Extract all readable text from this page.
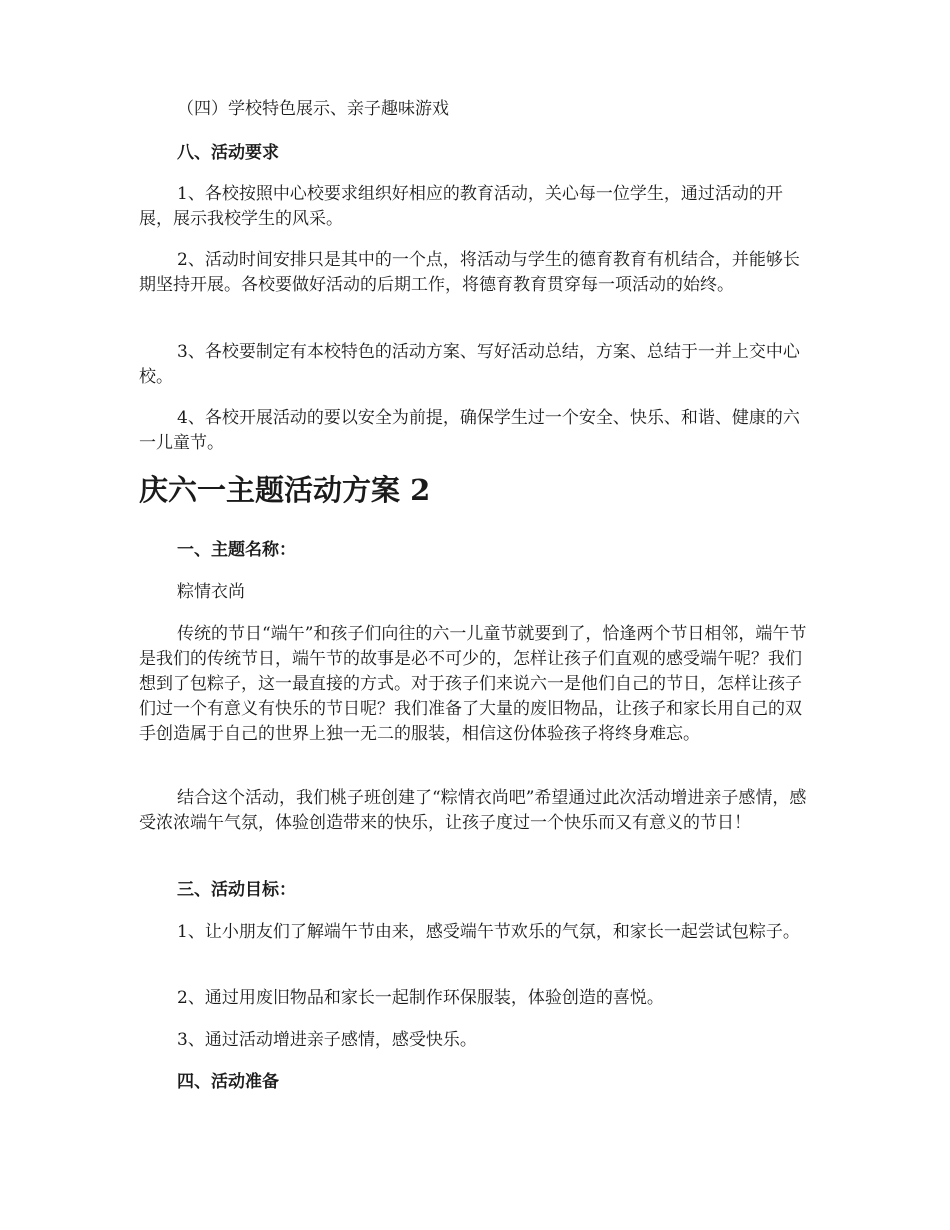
（四）学校特色展示、亲子趣味游戏

八、活动要求

1、各校按照中心校要求组织好相应的教育活动，关心每一位学生，通过活动的开展，展示我校学生的风采。

2、活动时间安排只是其中的一个点，将活动与学生的德育教育有机结合，并能够长期坚持开展。各校要做好活动的后期工作，将德育教育贯穿每一项活动的始终。

3、各校要制定有本校特色的活动方案、写好活动总结，方案、总结于一并上交中心校。

4、各校开展活动的要以安全为前提，确保学生过一个安全、快乐、和谐、健康的六一儿童节。

庆六一主题活动方案 2

一、主题名称：

粽情衣尚

传统的节日“端午”和孩子们向往的六一儿童节就要到了，恰逢两个节日相邻，端午节是我们的传统节日，端午节的故事是必不可少的，怎样让孩子们直观的感受端午呢？我们想到了包粽子，这一最直接的方式。对于孩子们来说六一是他们自己的节日，怎样让孩子们过一个有意义有快乐的节日呢？我们准备了大量的废旧物品，让孩子和家长用自己的双手创造属于自己的世界上独一无二的服装，相信这份体验孩子将终身难忘。

结合这个活动，我们桃子班创建了“粽情衣尚吧”希望通过此次活动增进亲子感情，感受浓浓端午气氛，体验创造带来的快乐，让孩子度过一个快乐而又有意义的节日！

三、活动目标：

1、让小朋友们了解端午节由来，感受端午节欢乐的气氛，和家长一起尝试包粽子。

2、通过用废旧物品和家长一起制作环保服装，体验创造的喜悦。

3、通过活动增进亲子感情，感受快乐。

四、活动准备
